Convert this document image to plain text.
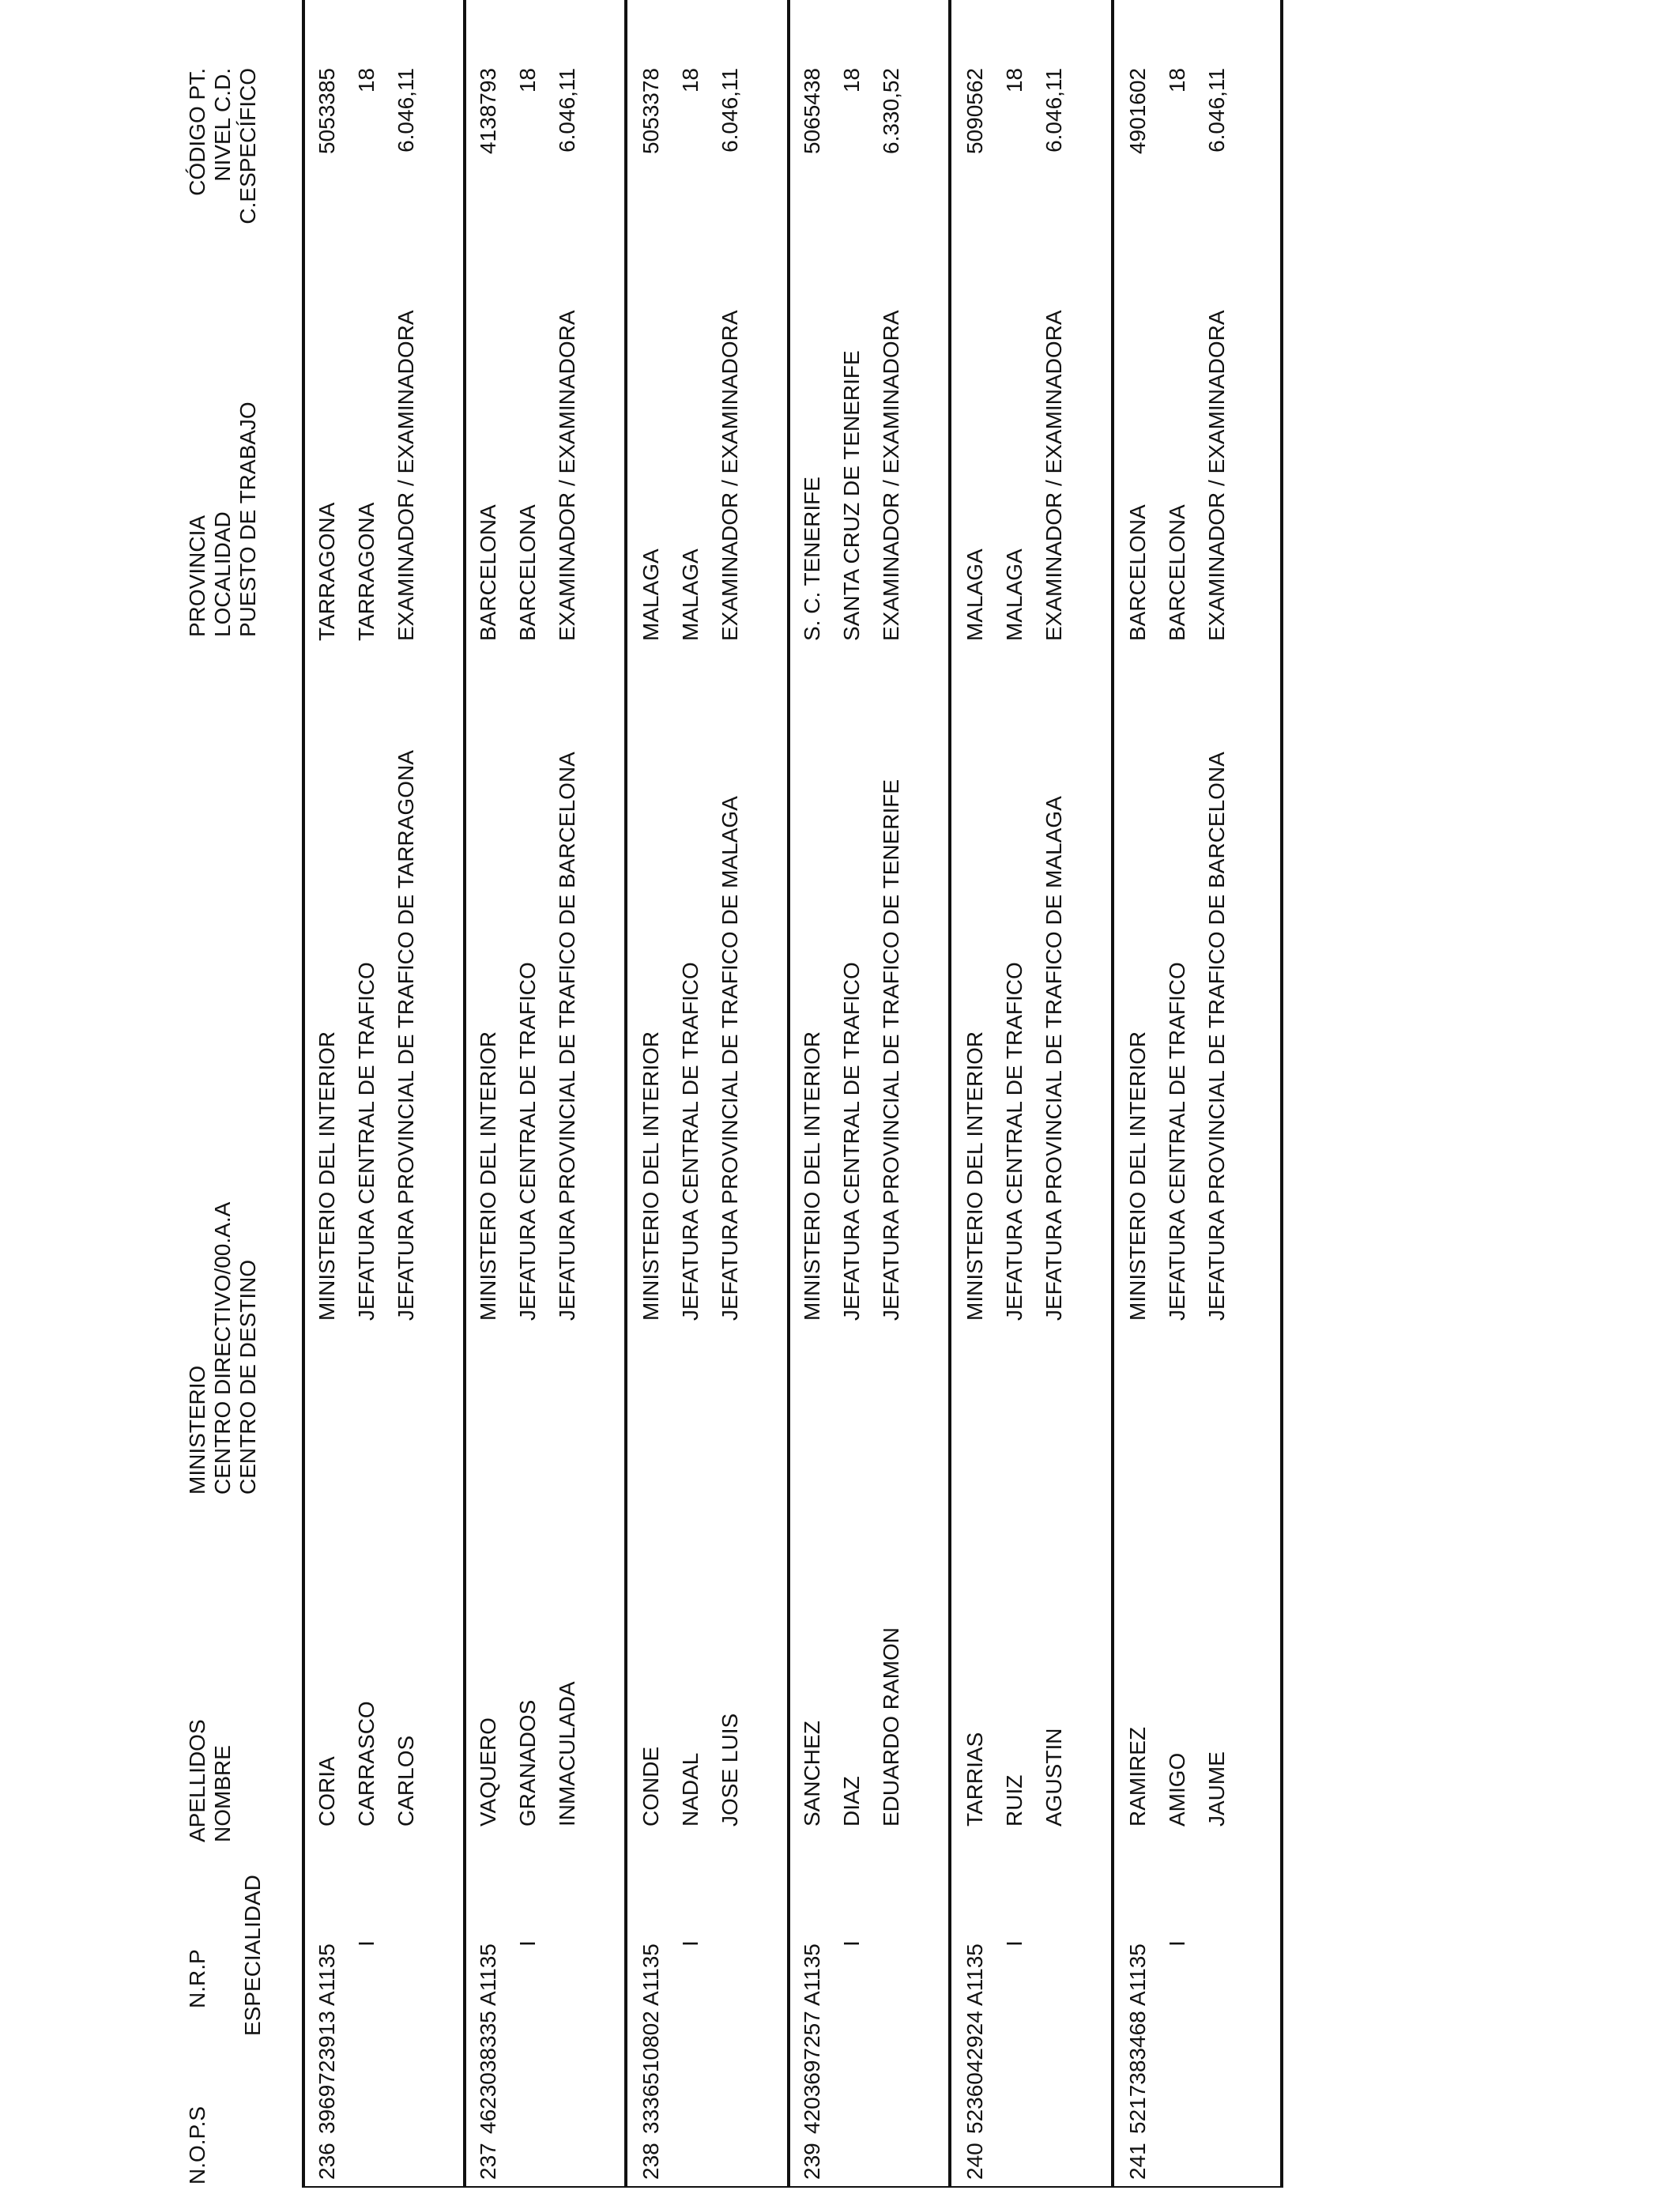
N.O.P.S
N.R.P ESPECIALIDAD
APELLIDOS NOMBRE
MINISTERIO CENTRO DIRECTIVO/00.A.A CENTRO DE DESTINO
PROVINCIA LOCALIDAD PUESTO DE TRABAJO
CÓDIGO PT. NIVEL C.D. C.ESPECÍFICO
236
3969723913 A1135
I
CORIA CARRASCO CARLOS
MINISTERIO DEL INTERIOR JEFATURA CENTRAL DE TRAFICO JEFATURA PROVINCIAL DE TRAFICO DE TARRAGONA
TARRAGONA TARRAGONA EXAMINADOR / EXAMINADORA
5053385 18 6.046,11
237
4623038335 A1135
I
VAQUERO GRANADOS INMACULADA
MINISTERIO DEL INTERIOR JEFATURA CENTRAL DE TRAFICO JEFATURA PROVINCIAL DE TRAFICO DE BARCELONA
BARCELONA BARCELONA EXAMINADOR / EXAMINADORA
4138793 18 6.046,11
238
3336510802 A1135
I
CONDE NADAL JOSE LUIS
MINISTERIO DEL INTERIOR JEFATURA CENTRAL DE TRAFICO JEFATURA PROVINCIAL DE TRAFICO DE MALAGA
MALAGA MALAGA EXAMINADOR / EXAMINADORA
5053378 18 6.046,11
239
4203697257 A1135
I
SANCHEZ DIAZ EDUARDO RAMON
MINISTERIO DEL INTERIOR JEFATURA CENTRAL DE TRAFICO JEFATURA PROVINCIAL DE TRAFICO DE TENERIFE
S. C. TENERIFE SANTA CRUZ DE TENERIFE EXAMINADOR / EXAMINADORA
5065438 18 6.330,52
240
5236042924 A1135
I
TARRIAS RUIZ AGUSTIN
MINISTERIO DEL INTERIOR JEFATURA CENTRAL DE TRAFICO JEFATURA PROVINCIAL DE TRAFICO DE MALAGA
MALAGA MALAGA EXAMINADOR / EXAMINADORA
5090562 18 6.046,11
241
5217383468 A1135
I
RAMIREZ AMIGO JAUME
MINISTERIO DEL INTERIOR JEFATURA CENTRAL DE TRAFICO JEFATURA PROVINCIAL DE TRAFICO DE BARCELONA
BARCELONA BARCELONA EXAMINADOR / EXAMINADORA
4901602 18 6.046,11
